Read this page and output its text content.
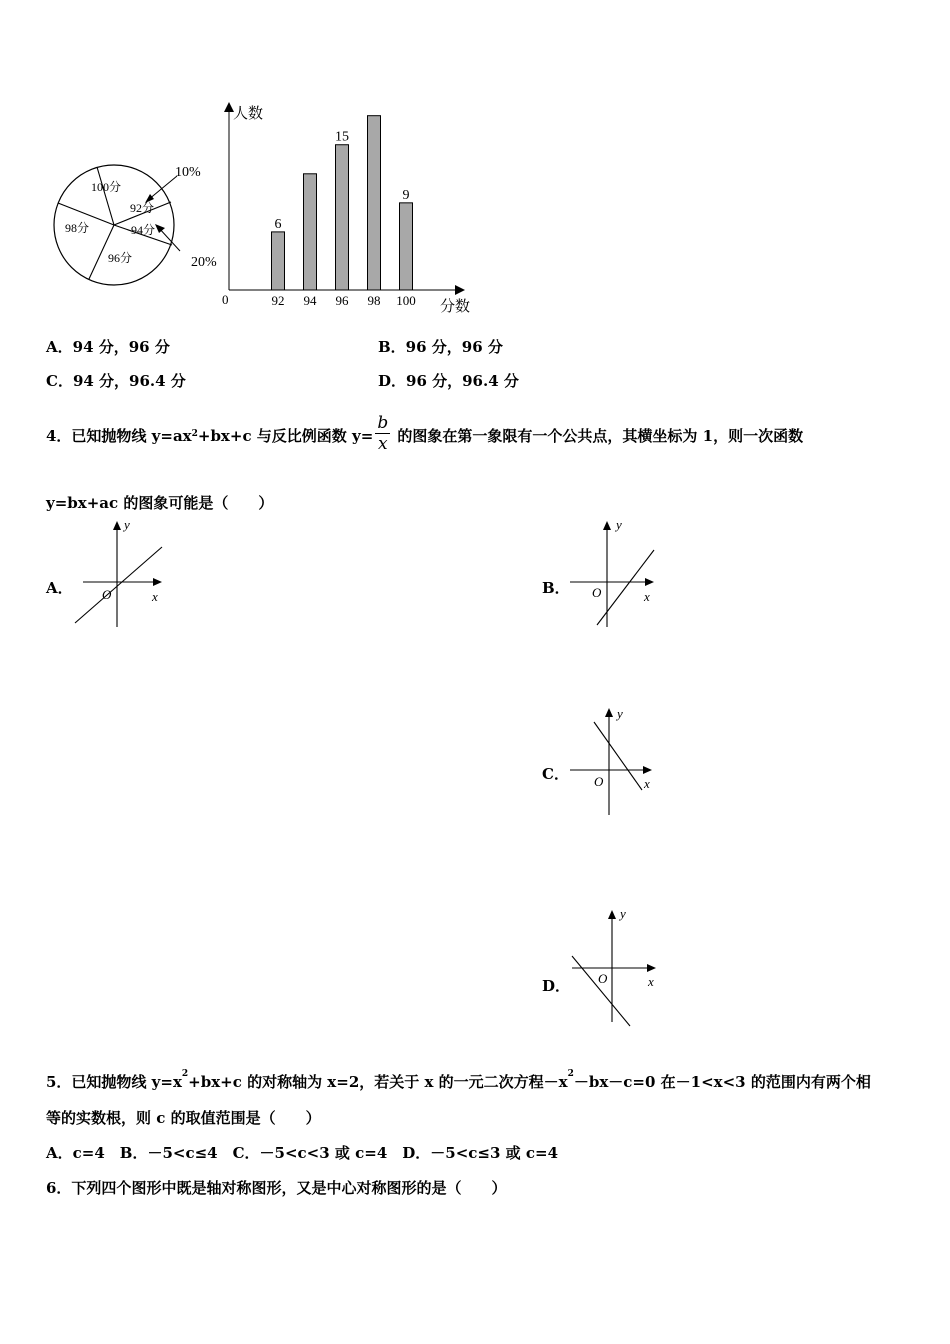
100分
92分
94分
96分
98分
10%
20%
人数
分数
0	92
6
94 96
15
98 100
9
A．94 分，96 分	B．96 分，96 分
C．94 分，96.4 分	D．96 分，96.4 分
4．已知抛物线 $y=ax^2+bx+c$ 与反比例函数 $y= \frac{b}{x}$ 的图象在第一象限有一个公共点，其横坐标为 1，则一次函数
y=bx+ac 的图象可能是（　　）
A．
y
x
O	B．
y
x
O
C．
y
x
O
D．
y
x
O
5．已知抛物线 $y=x^2+bx+c$ 的对称轴为 x=2，若关于 x 的一元二次方程$-x^2-bx-c=0$ 在－1<x<3 的范围内有两个相
等的实数根，则 c 的取值范围是（　　）
A．c=4　B．－5<c≤4　C．－5<c<3 或 c=4　D．－5<c≤3 或 c=4
6．下列四个图形中既是轴对称图形，又是中心对称图形的是（　　）
